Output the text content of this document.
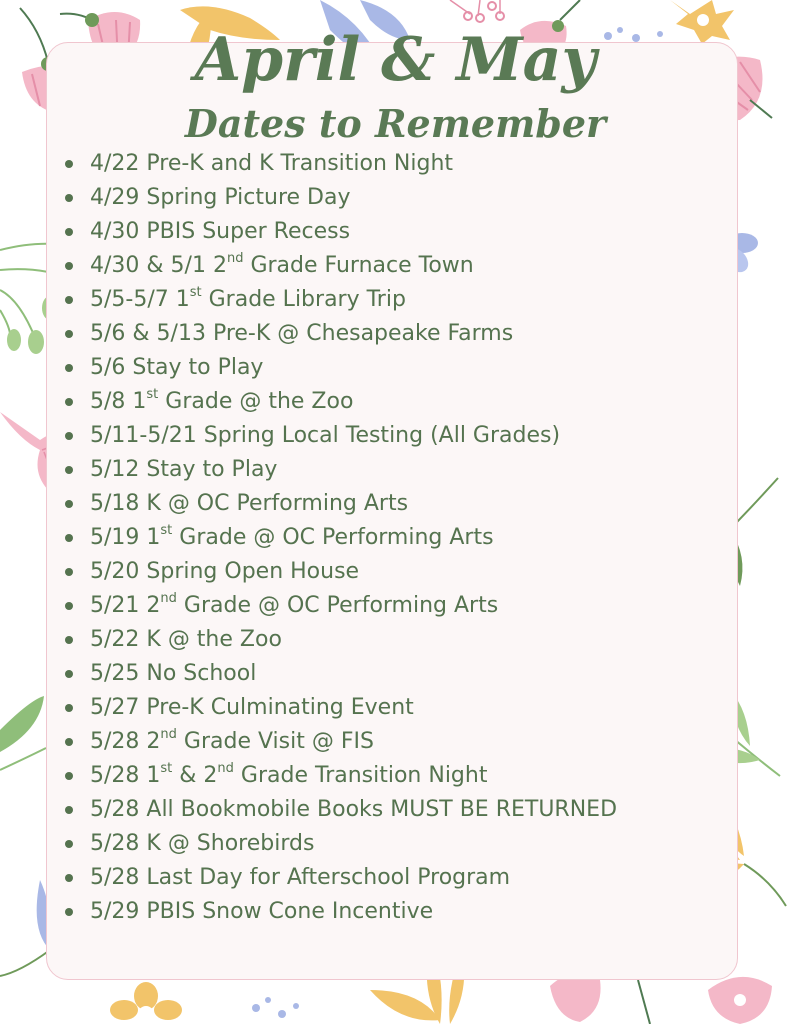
April & May
Dates to Remember
4/22 Pre-K and K Transition Night
4/29 Spring Picture Day
4/30 PBIS Super Recess
4/30 & 5/1 2nd Grade Furnace Town
5/5-5/7 1st Grade Library Trip
5/6 & 5/13 Pre-K @ Chesapeake Farms
5/6 Stay to Play
5/8 1st Grade @ the Zoo
5/11-5/21 Spring Local Testing (All Grades)
5/12 Stay to Play
5/18 K @ OC Performing Arts
5/19 1st Grade @ OC Performing Arts
5/20 Spring Open House
5/21 2nd Grade @ OC Performing Arts
5/22 K @ the Zoo
5/25 No School
5/27 Pre-K Culminating Event
5/28 2nd Grade Visit @ FIS
5/28 1st & 2nd Grade Transition Night
5/28 All Bookmobile Books MUST BE RETURNED
5/28 K @ Shorebirds
5/28 Last Day for Afterschool Program
5/29 PBIS Snow Cone Incentive
